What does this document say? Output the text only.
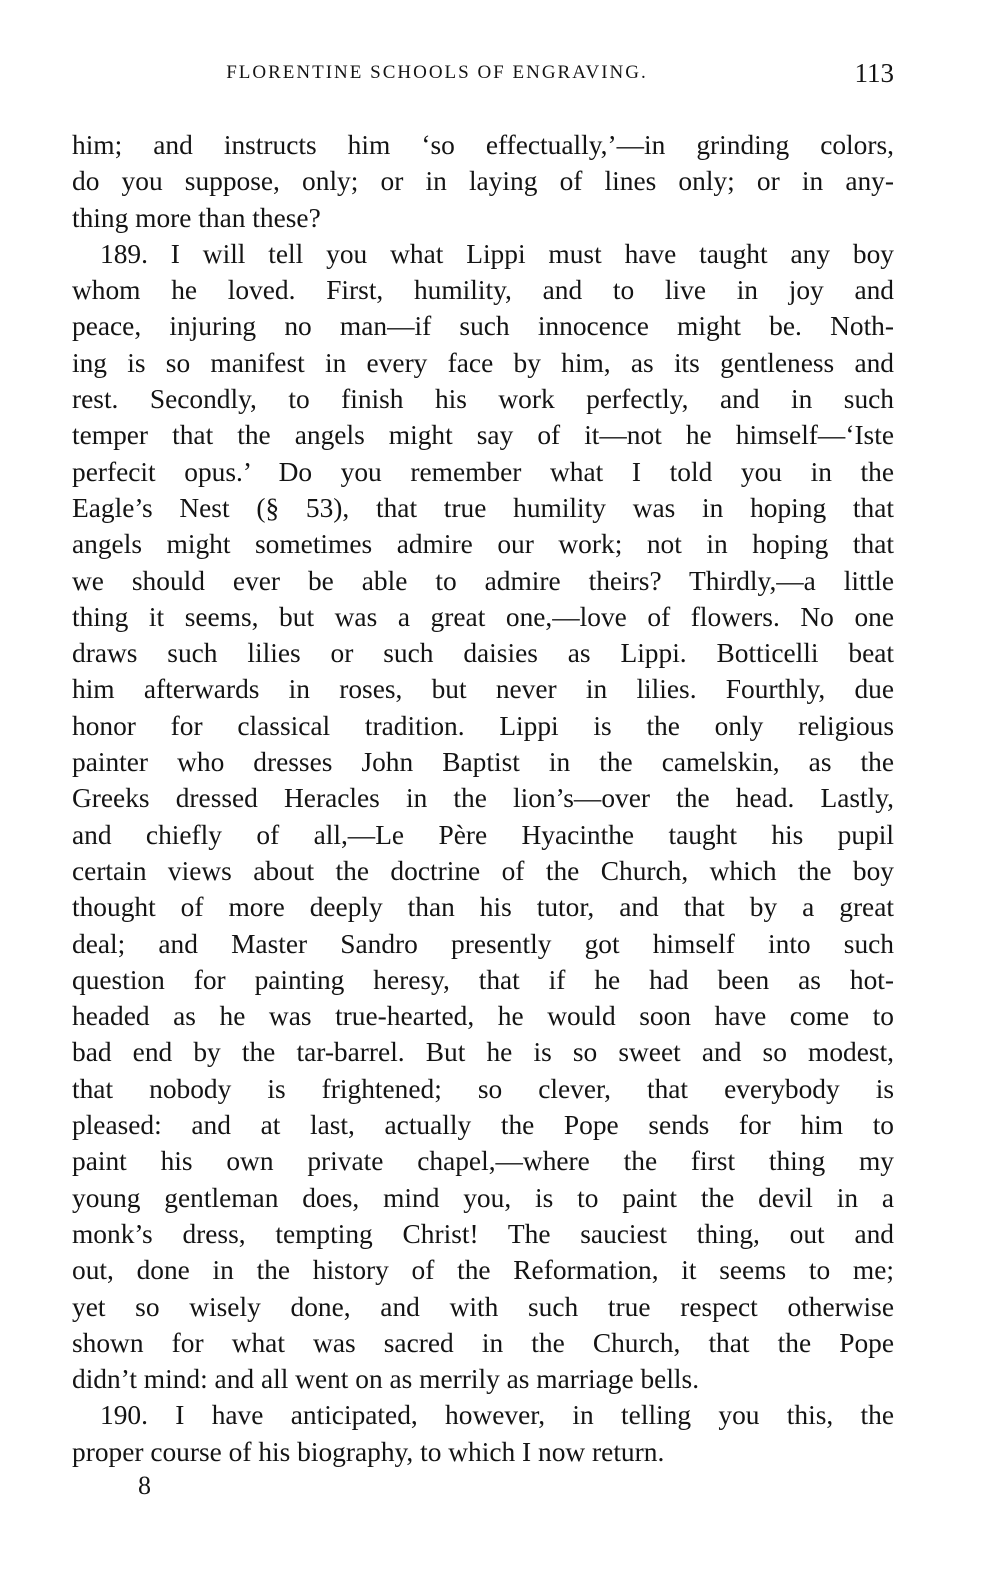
FLORENTINE SCHOOLS OF ENGRAVING.	113
him; and instructs him ‘so effectually,’—in grinding colors,
do you suppose, only; or in laying of lines only; or in any-
thing more than these?
189. I will tell you what Lippi must have taught any boy
whom he loved. First, humility, and to live in joy and
peace, injuring no man—if such innocence might be. Noth-
ing is so manifest in every face by him, as its gentleness and
rest. Secondly, to finish his work perfectly, and in such
temper that the angels might say of it—not he himself—‘Iste
perfecit opus.’ Do you remember what I told you in the
Eagle’s Nest (§ 53), that true humility was in hoping that
angels might sometimes admire our work; not in hoping that
we should ever be able to admire theirs? Thirdly,—a little
thing it seems, but was a great one,—love of flowers. No one
draws such lilies or such daisies as Lippi. Botticelli beat
him afterwards in roses, but never in lilies. Fourthly, due
honor for classical tradition. Lippi is the only religious
painter who dresses John Baptist in the camelskin, as the
Greeks dressed Heracles in the lion’s—over the head. Lastly,
and chiefly of all,—Le Père Hyacinthe taught his pupil
certain views about the doctrine of the Church, which the boy
thought of more deeply than his tutor, and that by a great
deal; and Master Sandro presently got himself into such
question for painting heresy, that if he had been as hot-
headed as he was true-hearted, he would soon have come to
bad end by the tar-barrel. But he is so sweet and so modest,
that nobody is frightened; so clever, that everybody is
pleased: and at last, actually the Pope sends for him to
paint his own private chapel,—where the first thing my
young gentleman does, mind you, is to paint the devil in a
monk’s dress, tempting Christ! The sauciest thing, out and
out, done in the history of the Reformation, it seems to me;
yet so wisely done, and with such true respect otherwise
shown for what was sacred in the Church, that the Pope
didn’t mind: and all went on as merrily as marriage bells.
190. I have anticipated, however, in telling you this, the
proper course of his biography, to which I now return.
8
